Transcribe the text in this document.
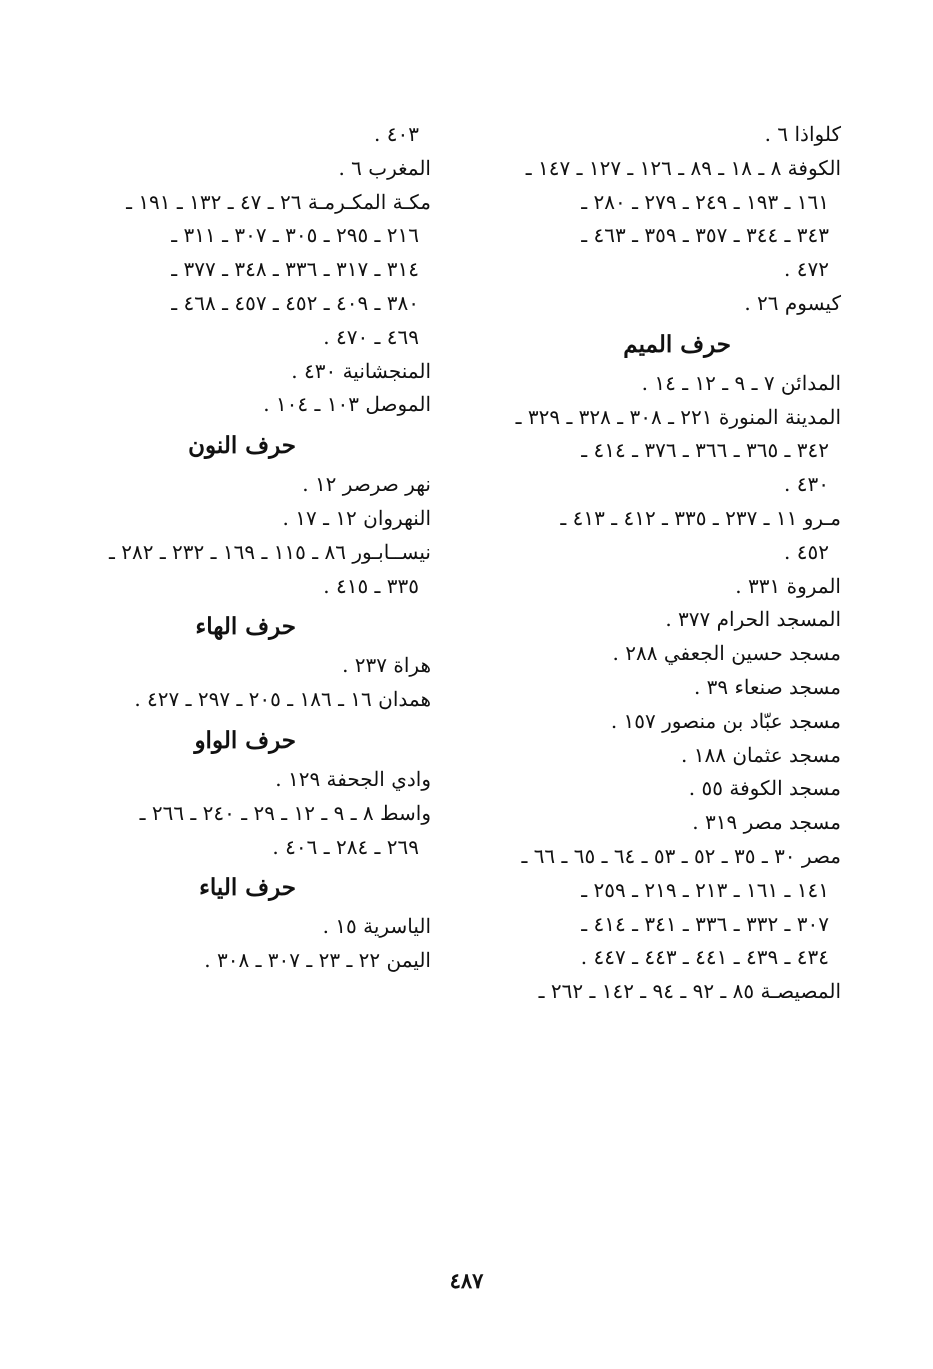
كلواذا ٦ .
الكوفة ٨ ـ ١٨ ـ ٨٩ ـ ١٢٦ ـ ١٢٧ ـ ١٤٧ ـ
١٦١ ـ ١٩٣ ـ ٢٤٩ ـ ٢٧٩ ـ ٢٨٠ ـ
٣٤٣ ـ ٣٤٤ ـ ٣٥٧ ـ ٣٥٩ ـ ٤٦٣ ـ
٤٧٢ .
كيسوم ٢٦ .
حرف الميم
المدائن ٧ ـ ٩ ـ ١٢ ـ ١٤ .
المدينة المنورة ٢٢١ ـ ٣٠٨ ـ ٣٢٨ ـ ٣٢٩ ـ
٣٤٢ ـ ٣٦٥ ـ ٣٦٦ ـ ٣٧٦ ـ ٤١٤ ـ
٤٣٠ .
مـرو ١١ ـ ٢٣٧ ـ ٣٣٥ ـ ٤١٢ ـ ٤١٣ ـ
٤٥٢ .
المروة ٣٣١ .
المسجد الحرام ٣٧٧ .
مسجد حسين الجعفي ٢٨٨ .
مسجد صنعاء ٣٩ .
مسجد عبّاد بن منصور ١٥٧ .
مسجد عثمان ١٨٨ .
مسجد الكوفة ٥٥ .
مسجد مصر ٣١٩ .
مصر ٣٠ ـ ٣٥ ـ ٥٢ ـ ٥٣ ـ ٦٤ ـ ٦٥ ـ ٦٦ ـ
١٤١ ـ ١٦١ ـ ٢١٣ ـ ٢١٩ ـ ٢٥٩ ـ
٣٠٧ ـ ٣٣٢ ـ ٣٣٦ ـ ٣٤١ ـ ٤١٤ ـ
٤٣٤ ـ ٤٣٩ ـ ٤٤١ ـ ٤٤٣ ـ ٤٤٧ .
المصيصـة ٨٥ ـ ٩٢ ـ ٩٤ ـ ١٤٢ ـ ٢٦٢ ـ
٤٠٣ .
المغرب ٦ .
مكـة المكـرمـة ٢٦ ـ ٤٧ ـ ١٣٢ ـ ١٩١ ـ
٢١٦ ـ ٢٩٥ ـ ٣٠٥ ـ ٣٠٧ ـ ٣١١ ـ
٣١٤ ـ ٣١٧ ـ ٣٣٦ ـ ٣٤٨ ـ ٣٧٧ ـ
٣٨٠ ـ ٤٠٩ ـ ٤٥٢ ـ ٤٥٧ ـ ٤٦٨ ـ
٤٦٩ ـ ٤٧٠ .
المنجشانية ٤٣٠ .
الموصل ١٠٣ ـ ١٠٤ .
حرف النون
نهر صرصر ١٢ .
النهروان ١٢ ـ ١٧ .
نيســابـور ٨٦ ـ ١١٥ ـ ١٦٩ ـ ٢٣٢ ـ ٢٨٢ ـ
٣٣٥ ـ ٤١٥ .
حرف الهاء
هراة ٢٣٧ .
همدان ١٦ ـ ١٨٦ ـ ٢٠٥ ـ ٢٩٧ ـ ٤٢٧ .
حرف الواو
وادي الجحفة ١٢٩ .
واسط ٨ ـ ٩ ـ ١٢ ـ ٢٩ ـ ٢٤٠ ـ ٢٦٦ ـ
٢٦٩ ـ ٢٨٤ ـ ٤٠٦ .
حرف الياء
الياسرية ١٥ .
اليمن ٢٢ ـ ٢٣ ـ ٣٠٧ ـ ٣٠٨ .
٤٨٧
